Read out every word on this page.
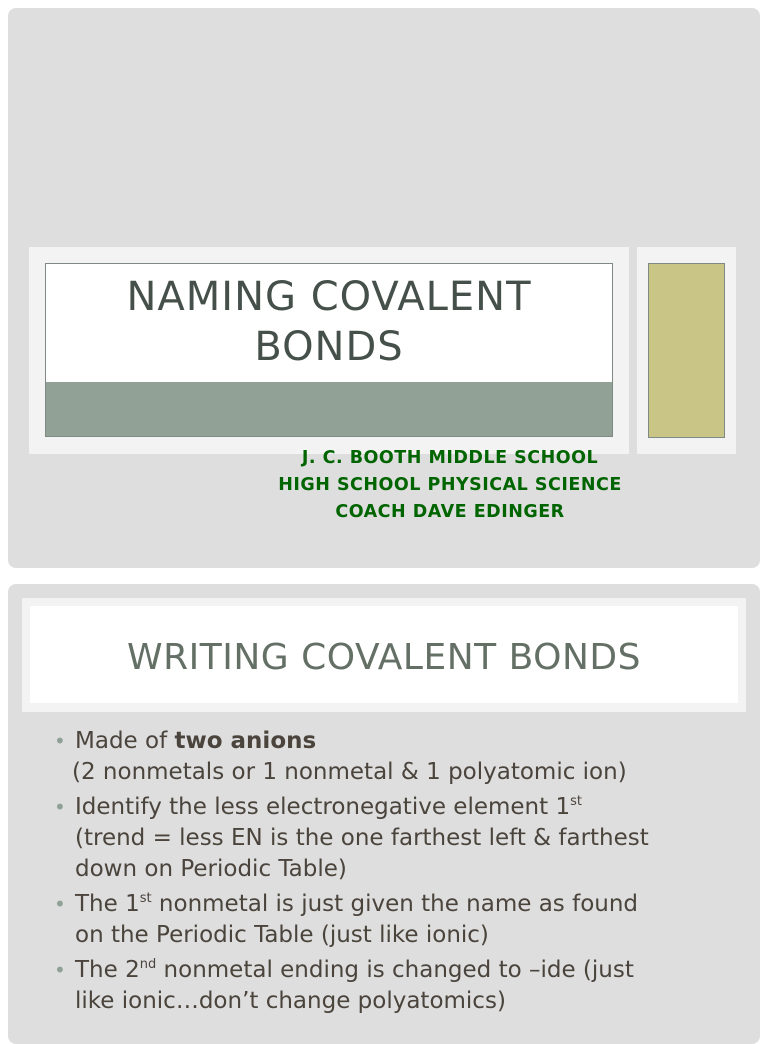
NAMING COVALENT
BONDS
J. C. BOOTH MIDDLE SCHOOL
HIGH SCHOOL PHYSICAL SCIENCE
COACH DAVE EDINGER
WRITING COVALENT BONDS
• Made of two anions
(2 nonmetals or 1 nonmetal & 1 polyatomic ion)
• Identify the less electronegative element 1st
(trend = less EN is the one farthest left & farthest
down on Periodic Table)
• The 1st nonmetal is just given the name as found
on the Periodic Table (just like ionic)
• The 2nd nonmetal ending is changed to –ide (just
like ionic…don’t change polyatomics)
